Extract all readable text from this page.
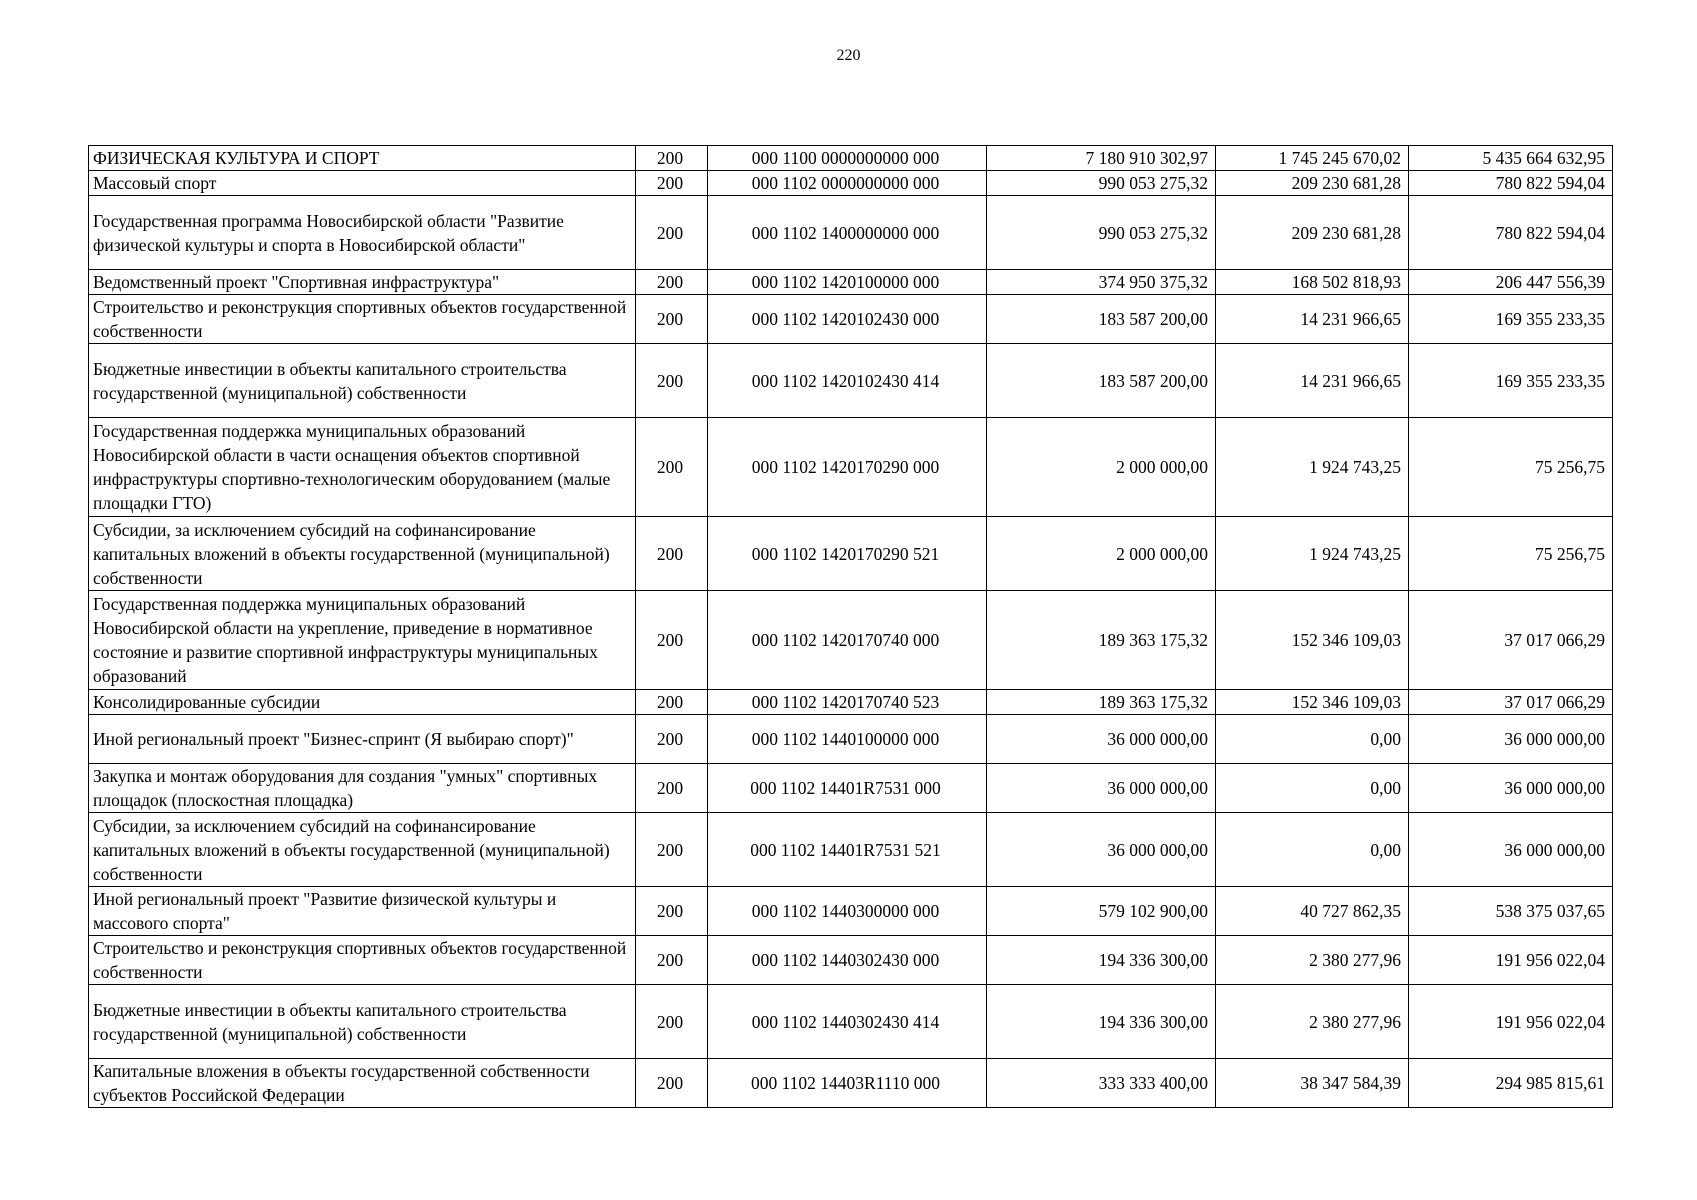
220
ФИЗИЧЕСКАЯ КУЛЬТУРА И СПОРТ	200	000 1100 0000000000 000	7 180 910 302,97	1 745 245 670,02	5 435 664 632,95
Массовый спорт	200	000 1102 0000000000 000	990 053 275,32	209 230 681,28	780 822 594,04
Государственная программа Новосибирской области "Развитие физической культуры и спорта в Новосибирской области"	200	000 1102 1400000000 000	990 053 275,32	209 230 681,28	780 822 594,04
Ведомственный проект "Спортивная инфраструктура"	200	000 1102 1420100000 000	374 950 375,32	168 502 818,93	206 447 556,39
Строительство и реконструкция спортивных объектов государственной собственности	200	000 1102 1420102430 000	183 587 200,00	14 231 966,65	169 355 233,35
Бюджетные инвестиции в объекты капитального строительства государственной (муниципальной) собственности	200	000 1102 1420102430 414	183 587 200,00	14 231 966,65	169 355 233,35
Государственная поддержка муниципальных образований Новосибирской области в части оснащения объектов спортивной инфраструктуры спортивно-технологическим оборудованием (малые площадки ГТО)	200	000 1102 1420170290 000	2 000 000,00	1 924 743,25	75 256,75
Субсидии, за исключением субсидий на софинансирование капитальных вложений в объекты государственной (муниципальной) собственности	200	000 1102 1420170290 521	2 000 000,00	1 924 743,25	75 256,75
Государственная поддержка муниципальных образований Новосибирской области на укрепление, приведение в нормативное состояние и развитие спортивной инфраструктуры муниципальных образований	200	000 1102 1420170740 000	189 363 175,32	152 346 109,03	37 017 066,29
Консолидированные субсидии	200	000 1102 1420170740 523	189 363 175,32	152 346 109,03	37 017 066,29
Иной региональный проект "Бизнес-спринт (Я выбираю спорт)"	200	000 1102 1440100000 000	36 000 000,00	0,00	36 000 000,00
Закупка и монтаж оборудования для создания "умных" спортивных площадок (плоскостная площадка)	200	000 1102 14401R7531 000	36 000 000,00	0,00	36 000 000,00
Субсидии, за исключением субсидий на софинансирование капитальных вложений в объекты государственной (муниципальной) собственности	200	000 1102 14401R7531 521	36 000 000,00	0,00	36 000 000,00
Иной региональный проект "Развитие физической культуры и массового спорта"	200	000 1102 1440300000 000	579 102 900,00	40 727 862,35	538 375 037,65
Строительство и реконструкция спортивных объектов государственной собственности	200	000 1102 1440302430 000	194 336 300,00	2 380 277,96	191 956 022,04
Бюджетные инвестиции в объекты капитального строительства государственной (муниципальной) собственности	200	000 1102 1440302430 414	194 336 300,00	2 380 277,96	191 956 022,04
Капитальные вложения в объекты государственной собственности субъектов Российской Федерации	200	000 1102 14403R1110 000	333 333 400,00	38 347 584,39	294 985 815,61
